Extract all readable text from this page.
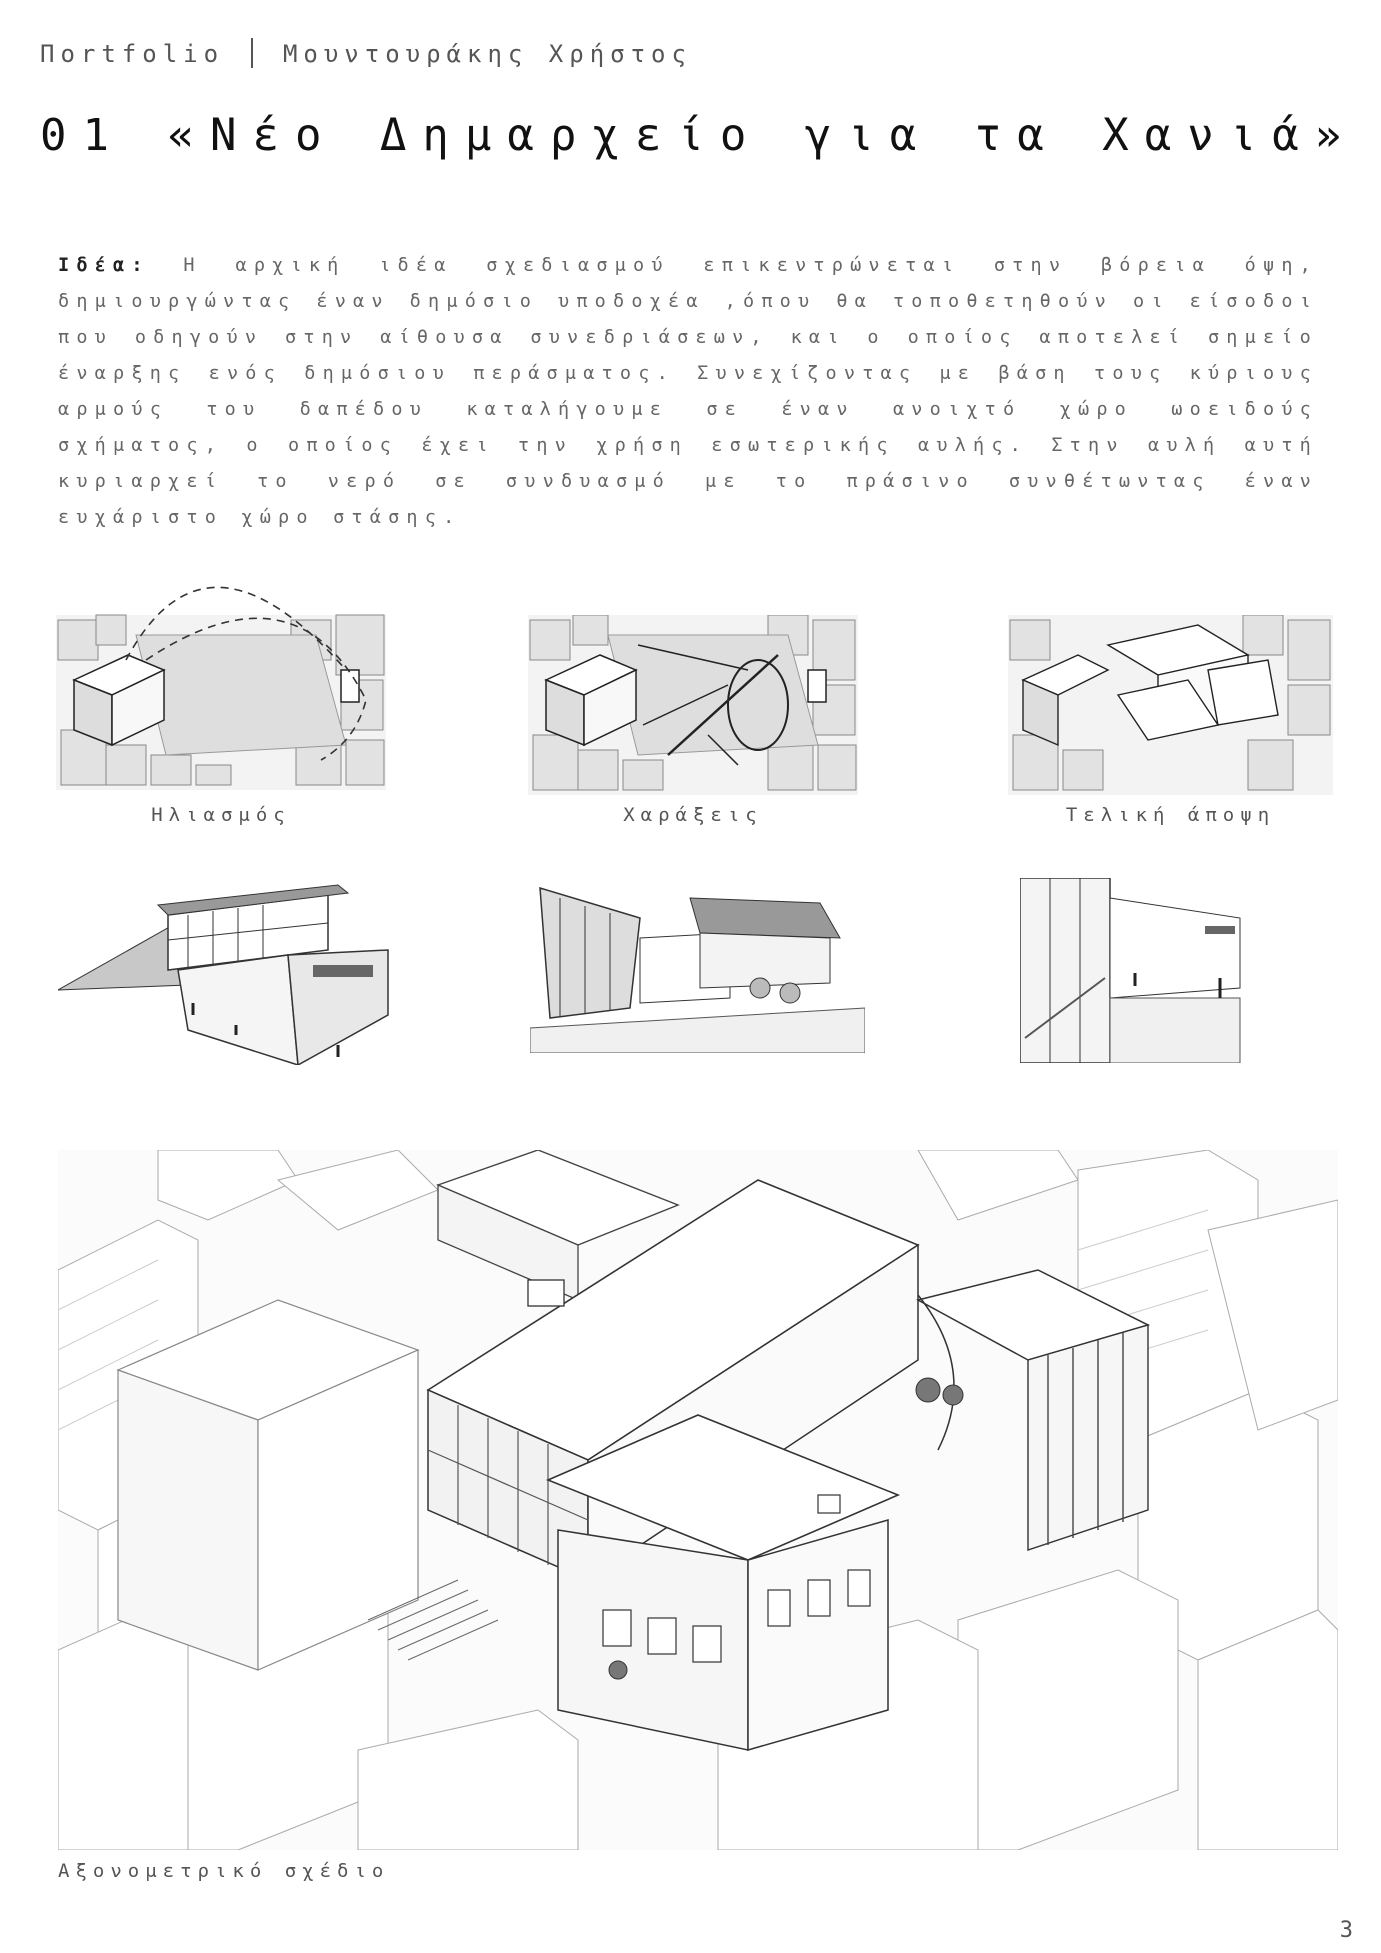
Πortfolio Μουντουράκης Χρήστος
01 «Νέο Δημαρχείο για τα Χανιά»
Ιδέα: Η αρχική ιδέα σχεδιασμού επικεντρώνεται στην βόρεια όψη, δημιουργώντας έναν δημόσιο υποδοχέα ,όπου θα τοποθετηθούν οι είσοδοι που οδηγούν στην αίθουσα συνεδριάσεων, και ο οποίος αποτελεί σημείο έναρξης ενός δημόσιου περάσματος. Συνεχίζοντας με βάση τους κύριους αρμούς του δαπέδου καταλήγουμε σε έναν ανοιχτό χώρο ωοειδούς σχήματος, ο οποίος έχει την χρήση εσωτερικής αυλής. Στην αυλή αυτή κυριαρχεί το νερό σε συνδυασμό με το πράσινο συνθέτωντας έναν ευχάριστο χώρο στάσης.
Ηλιασμός	Χαράξεις	Τελική άποψη
Αξονομετρικό σχέδιο
3
